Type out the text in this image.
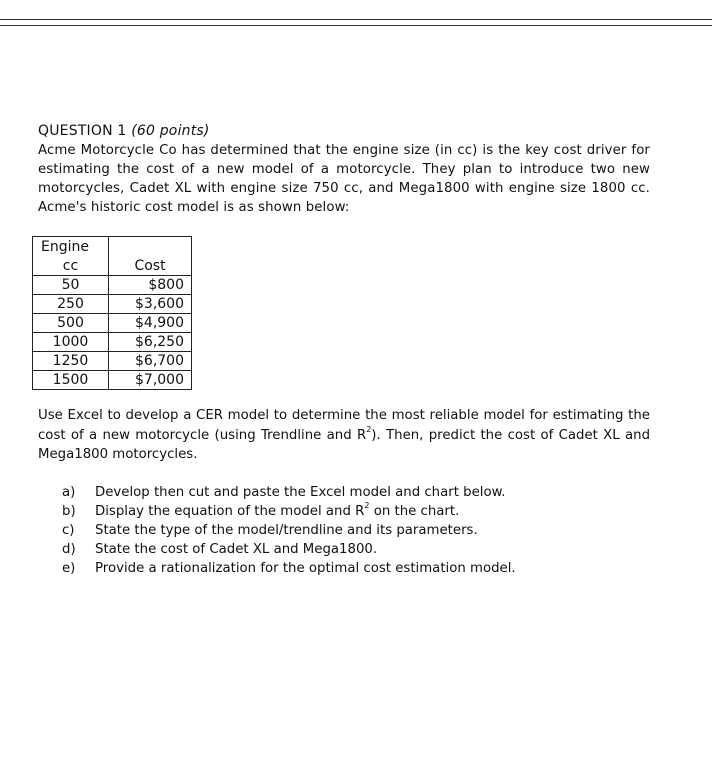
QUESTION 1 (60 points)

Acme Motorcycle Co has determined that the engine size (in cc) is the key cost driver for estimating the cost of a new model of a motorcycle. They plan to introduce two new motorcycles, Cadet XL with engine size 750 cc, and Mega1800 with engine size 1800 cc. Acme's historic cost model is as shown below:

Engine
cc	Cost
50	$800
250	$3,600
500	$4,900
1000	$6,250
1250	$6,700
1500	$7,000

Use Excel to develop a CER model to determine the most reliable model for estimating the cost of a new motorcycle (using Trendline and $R^2$). Then, predict the cost of Cadet XL and Mega1800 motorcycles.

a) Develop then cut and paste the Excel model and chart below.
b) Display the equation of the model and $R^2$ on the chart.
c) State the type of the model/trendline and its parameters.
d) State the cost of Cadet XL and Mega1800.
e) Provide a rationalization for the optimal cost estimation model.
